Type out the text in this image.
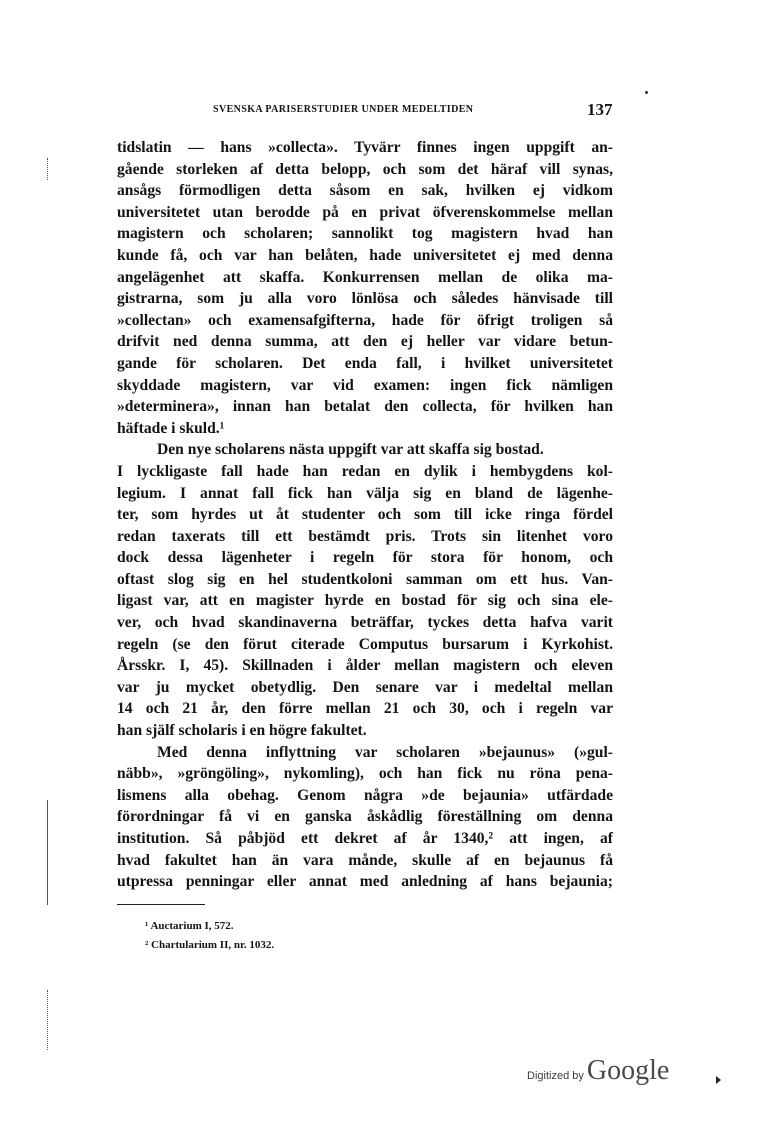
SVENSKA PARISERSTUDIER UNDER MEDELTIDEN	137
tidslatin — hans »collecta». Tyvärr finnes ingen uppgift an-
gående storleken af detta belopp, och som det häraf vill synas,
ansågs förmodligen detta såsom en sak, hvilken ej vidkom
universitetet utan berodde på en privat öfverenskommelse mellan
magistern och scholaren; sannolikt tog magistern hvad han
kunde få, och var han belåten, hade universitetet ej med denna
angelägenhet att skaffa. Konkurrensen mellan de olika ma-
gistrarna, som ju alla voro lönlösa och således hänvisade till
»collectan» och examensafgifterna, hade för öfrigt troligen så
drifvit ned denna summa, att den ej heller var vidare betun-
gande för scholaren. Det enda fall, i hvilket universitetet
skyddade magistern, var vid examen: ingen fick nämligen
»determinera», innan han betalat den collecta, för hvilken han
häftade i skuld.¹
Den nye scholarens nästa uppgift var att skaffa sig bostad.
I lyckligaste fall hade han redan en dylik i hembygdens kol-
legium. I annat fall fick han välja sig en bland de lägenhe-
ter, som hyrdes ut åt studenter och som till icke ringa fördel
redan taxerats till ett bestämdt pris. Trots sin litenhet voro
dock dessa lägenheter i regeln för stora för honom, och
oftast slog sig en hel studentkoloni samman om ett hus. Van-
ligast var, att en magister hyrde en bostad för sig och sina ele-
ver, och hvad skandinaverna beträffar, tyckes detta hafva varit
regeln (se den förut citerade Computus bursarum i Kyrkohist.
Årsskr. I, 45). Skillnaden i ålder mellan magistern och eleven
var ju mycket obetydlig. Den senare var i medeltal mellan
14 och 21 år, den förre mellan 21 och 30, och i regeln var
han själf scholaris i en högre fakultet.
Med denna inflyttning var scholaren »bejaunus» (»gul-
näbb», »gröngöling», nykomling), och han fick nu röna pena-
lismens alla obehag. Genom några »de bejaunia» utfärdade
förordningar få vi en ganska åskådlig föreställning om denna
institution. Så påbjöd ett dekret af år 1340,² att ingen, af
hvad fakultet han än vara månde, skulle af en bejaunus få
utpressa penningar eller annat med anledning af hans bejaunia;
¹ Auctarium I, 572.
² Chartularium II, nr. 1032.
Digitized by Google
